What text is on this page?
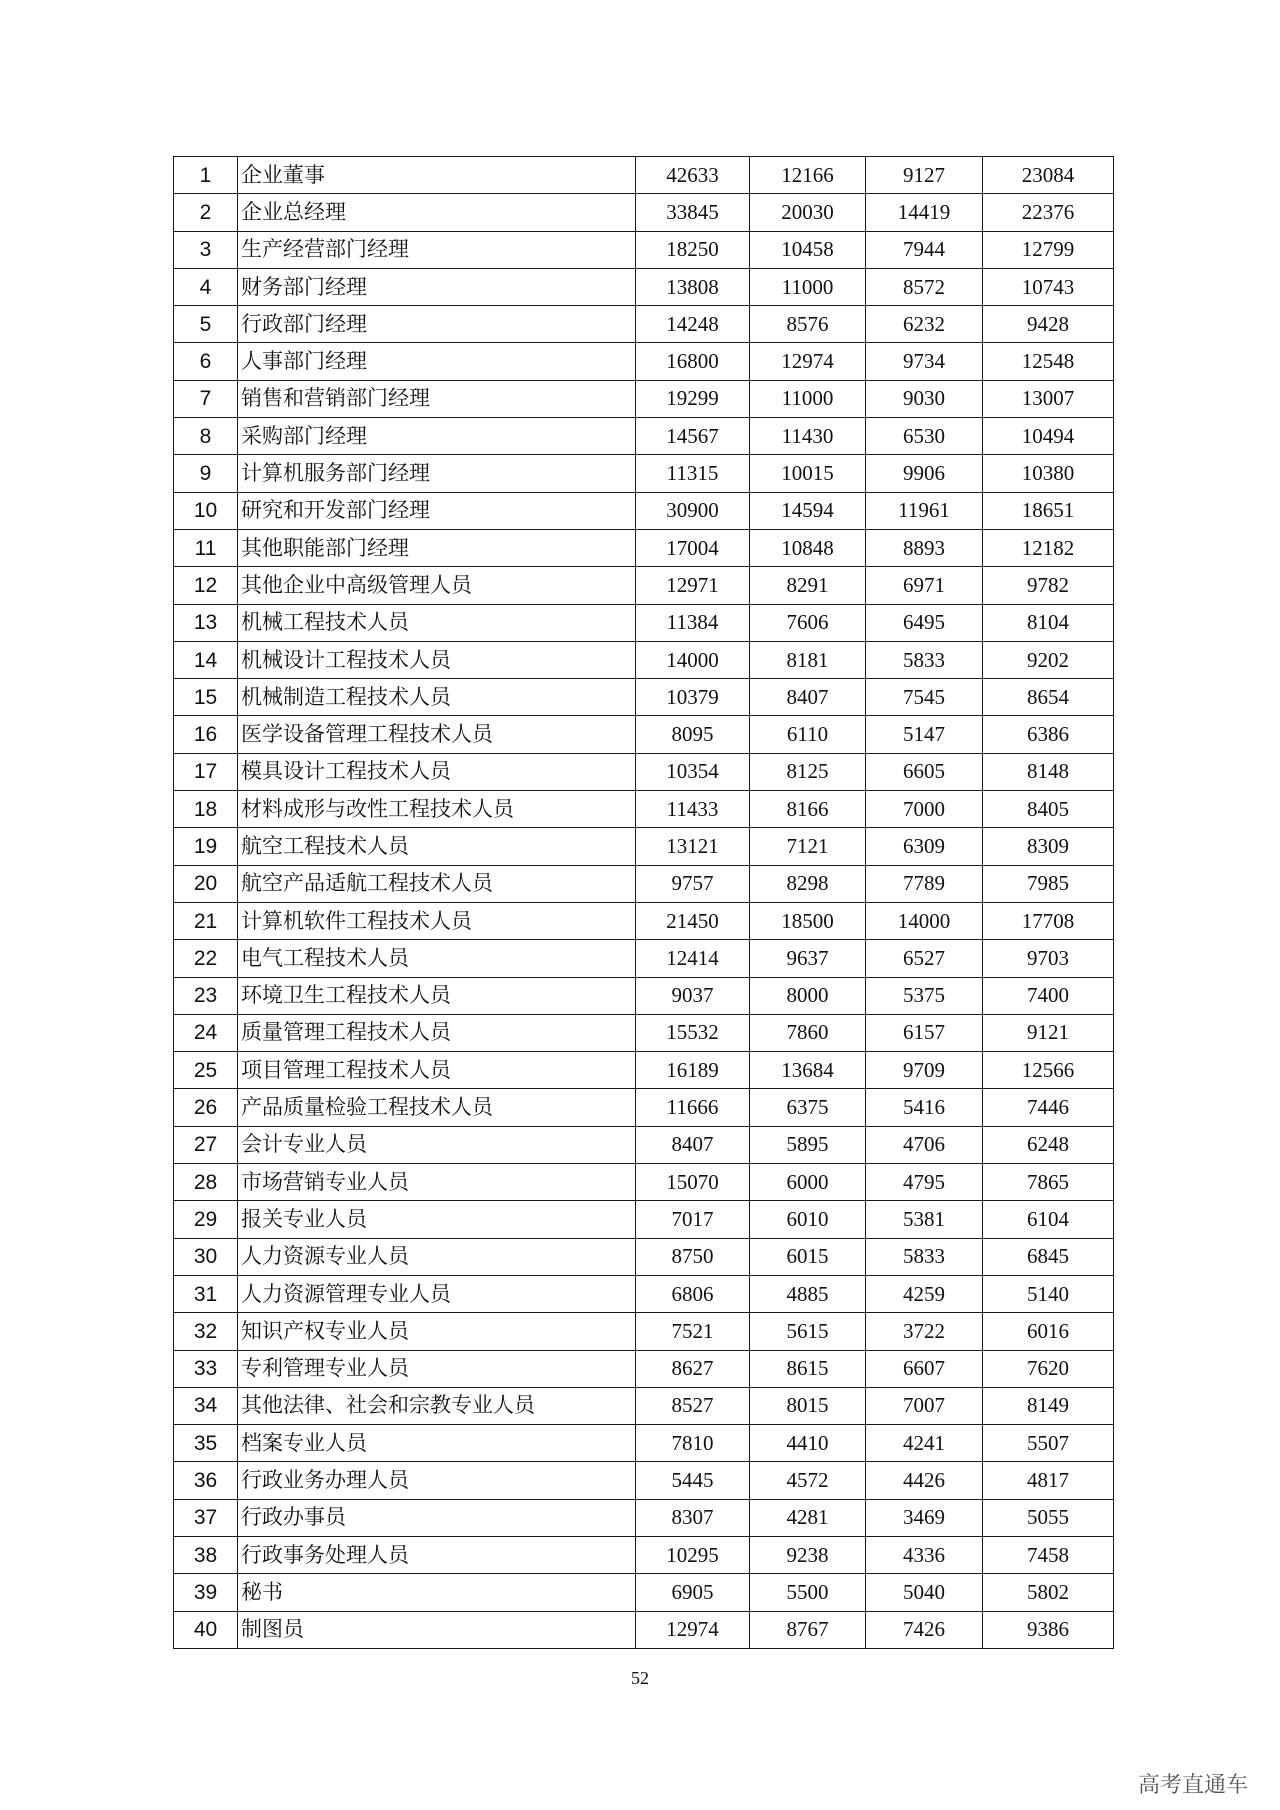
1	企业董事	42633	12166	9127	23084
2	企业总经理	33845	20030	14419	22376
3	生产经营部门经理	18250	10458	7944	12799
4	财务部门经理	13808	11000	8572	10743
5	行政部门经理	14248	8576	6232	9428
6	人事部门经理	16800	12974	9734	12548
7	销售和营销部门经理	19299	11000	9030	13007
8	采购部门经理	14567	11430	6530	10494
9	计算机服务部门经理	11315	10015	9906	10380
10	研究和开发部门经理	30900	14594	11961	18651
11	其他职能部门经理	17004	10848	8893	12182
12	其他企业中高级管理人员	12971	8291	6971	9782
13	机械工程技术人员	11384	7606	6495	8104
14	机械设计工程技术人员	14000	8181	5833	9202
15	机械制造工程技术人员	10379	8407	7545	8654
16	医学设备管理工程技术人员	8095	6110	5147	6386
17	模具设计工程技术人员	10354	8125	6605	8148
18	材料成形与改性工程技术人员	11433	8166	7000	8405
19	航空工程技术人员	13121	7121	6309	8309
20	航空产品适航工程技术人员	9757	8298	7789	7985
21	计算机软件工程技术人员	21450	18500	14000	17708
22	电气工程技术人员	12414	9637	6527	9703
23	环境卫生工程技术人员	9037	8000	5375	7400
24	质量管理工程技术人员	15532	7860	6157	9121
25	项目管理工程技术人员	16189	13684	9709	12566
26	产品质量检验工程技术人员	11666	6375	5416	7446
27	会计专业人员	8407	5895	4706	6248
28	市场营销专业人员	15070	6000	4795	7865
29	报关专业人员	7017	6010	5381	6104
30	人力资源专业人员	8750	6015	5833	6845
31	人力资源管理专业人员	6806	4885	4259	5140
32	知识产权专业人员	7521	5615	3722	6016
33	专利管理专业人员	8627	8615	6607	7620
34	其他法律、社会和宗教专业人员	8527	8015	7007	8149
35	档案专业人员	7810	4410	4241	5507
36	行政业务办理人员	5445	4572	4426	4817
37	行政办事员	8307	4281	3469	5055
38	行政事务处理人员	10295	9238	4336	7458
39	秘书	6905	5500	5040	5802
40	制图员	12974	8767	7426	9386
52
高考直通车
